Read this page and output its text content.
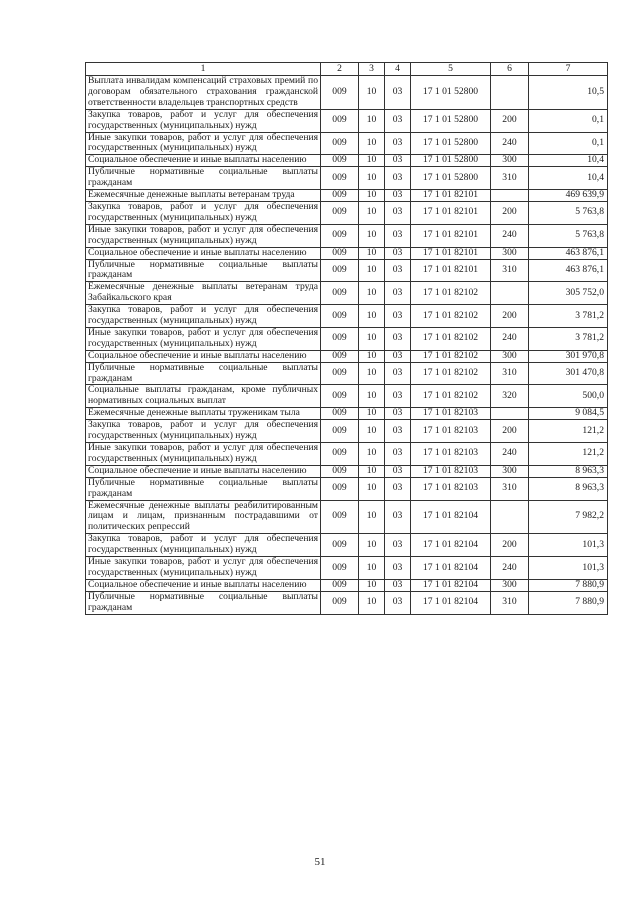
1	2	3	4	5	6	7
Выплата инвалидам компенсаций страховых премий по договорам обязательного страхования гражданской ответственности владельцев транспортных средств	009	10	03	17 1 01 52800		10,5
Закупка товаров, работ и услуг для обеспечения государственных (муниципальных) нужд	009	10	03	17 1 01 52800	200	0,1
Иные закупки товаров, работ и услуг для обеспечения государственных (муниципальных) нужд	009	10	03	17 1 01 52800	240	0,1
Социальное обеспечение и иные выплаты населению	009	10	03	17 1 01 52800	300	10,4
Публичные нормативные социальные выплаты гражданам	009	10	03	17 1 01 52800	310	10,4
Ежемесячные денежные выплаты ветеранам труда	009	10	03	17 1 01 82101		469 639,9
Закупка товаров, работ и услуг для обеспечения государственных (муниципальных) нужд	009	10	03	17 1 01 82101	200	5 763,8
Иные закупки товаров, работ и услуг для обеспечения государственных (муниципальных) нужд	009	10	03	17 1 01 82101	240	5 763,8
Социальное обеспечение и иные выплаты населению	009	10	03	17 1 01 82101	300	463 876,1
Публичные нормативные социальные выплаты гражданам	009	10	03	17 1 01 82101	310	463 876,1
Ежемесячные денежные выплаты ветеранам труда Забайкальского края	009	10	03	17 1 01 82102		305 752,0
Закупка товаров, работ и услуг для обеспечения государственных (муниципальных) нужд	009	10	03	17 1 01 82102	200	3 781,2
Иные закупки товаров, работ и услуг для обеспечения государственных (муниципальных) нужд	009	10	03	17 1 01 82102	240	3 781,2
Социальное обеспечение и иные выплаты населению	009	10	03	17 1 01 82102	300	301 970,8
Публичные нормативные социальные выплаты гражданам	009	10	03	17 1 01 82102	310	301 470,8
Социальные выплаты гражданам, кроме публичных нормативных социальных выплат	009	10	03	17 1 01 82102	320	500,0
Ежемесячные денежные выплаты труженикам тыла	009	10	03	17 1 01 82103		9 084,5
Закупка товаров, работ и услуг для обеспечения государственных (муниципальных) нужд	009	10	03	17 1 01 82103	200	121,2
Иные закупки товаров, работ и услуг для обеспечения государственных (муниципальных) нужд	009	10	03	17 1 01 82103	240	121,2
Социальное обеспечение и иные выплаты населению	009	10	03	17 1 01 82103	300	8 963,3
Публичные нормативные социальные выплаты гражданам	009	10	03	17 1 01 82103	310	8 963,3
Ежемесячные денежные выплаты реабилитированным лицам и лицам, признанным пострадавшими от политических репрессий	009	10	03	17 1 01 82104		7 982,2
Закупка товаров, работ и услуг для обеспечения государственных (муниципальных) нужд	009	10	03	17 1 01 82104	200	101,3
Иные закупки товаров, работ и услуг для обеспечения государственных (муниципальных) нужд	009	10	03	17 1 01 82104	240	101,3
Социальное обеспечение и иные выплаты населению	009	10	03	17 1 01 82104	300	7 880,9
Публичные нормативные социальные выплаты гражданам	009	10	03	17 1 01 82104	310	7 880,9
51
